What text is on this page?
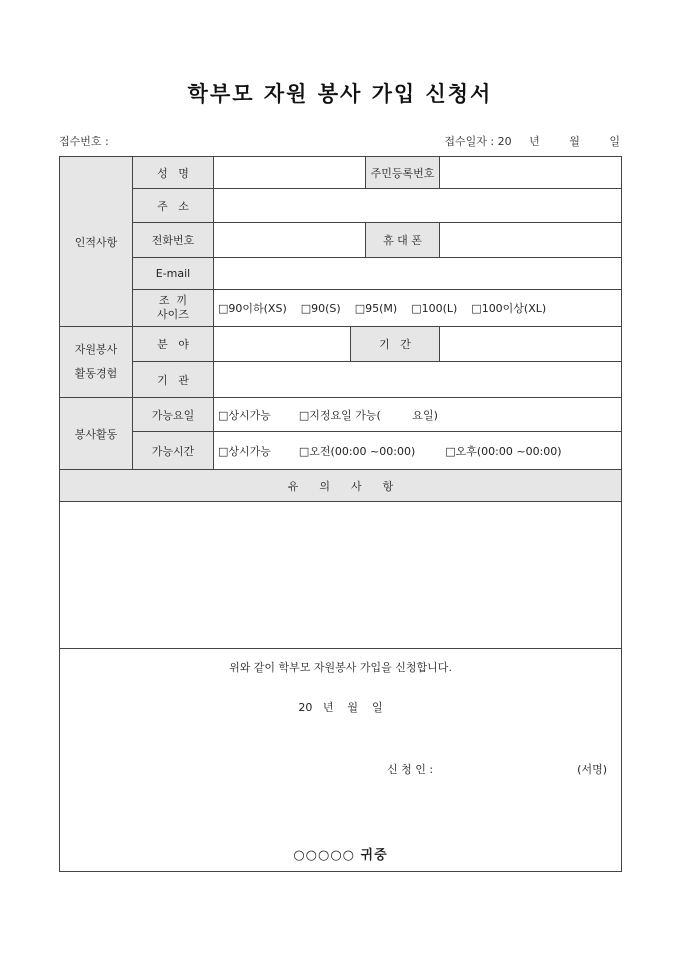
학부모 자원 봉사 가입 신청서
접수번호 :	접수일자 : 20 년	월	일
인적사항	성   명			주민등록번호	
	주   소				
	전화번호			휴 대 폰	
	E-mail				

	조  끼
사이즈	□90이하(XS) □90(S) □95(M) □100(L) □100이상(XL)			

자원봉사
활동경험	분   야		기   간		
	기   관				
봉사활동	가능요일	□상시가능 □지정요일 가능(         요일)			
	가능시간	□상시가능 □오전(00:00 ~00:00) □오후(00:00 ~00:00)			
유      의      사      항					

위와 같이 학부모 자원봉사 가입을 신청합니다.
20   년    월    일
신 청 인 : (서명)
○○○○○ 귀중					
